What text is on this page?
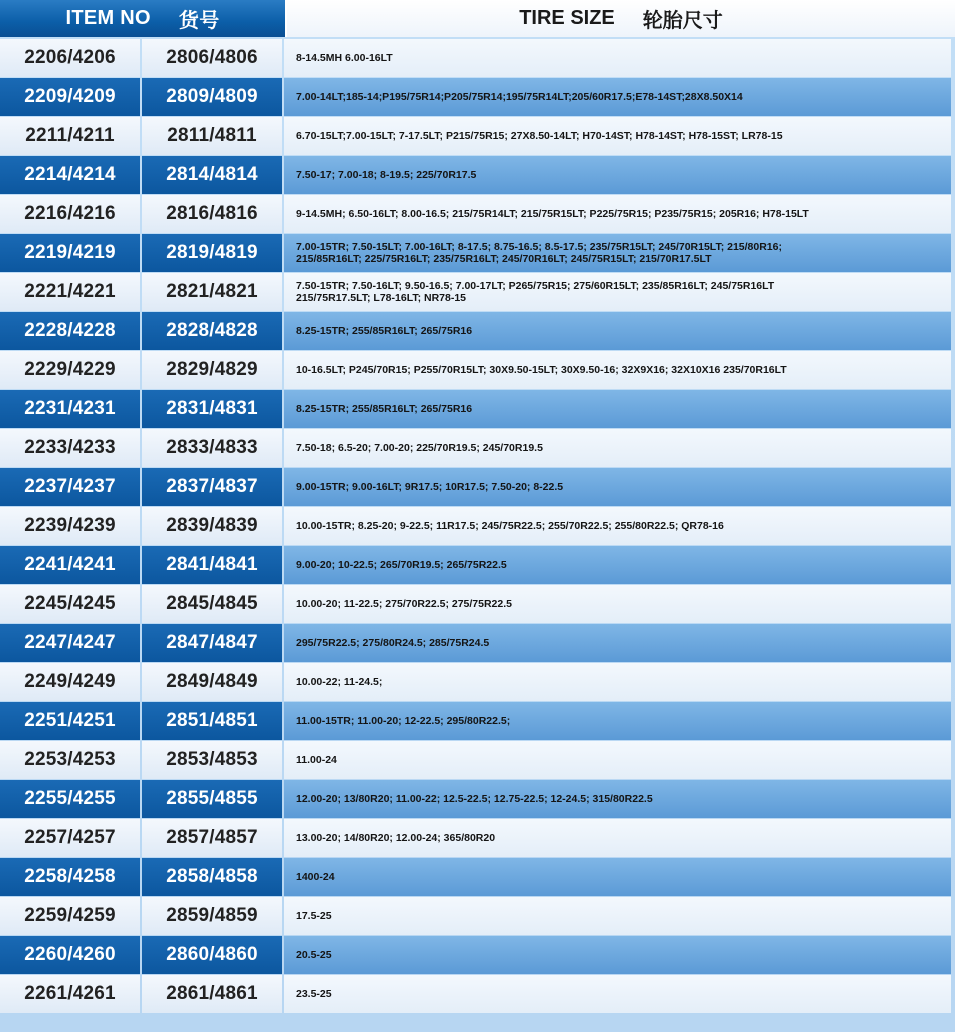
ITEM NO 货号	TIRE SIZE 轮胎尺寸
2206/4206	2806/4806	8-14.5MH 6.00-16LT
2209/4209	2809/4809	7.00-14LT;185-14;P195/75R14;P205/75R14;195/75R14LT;205/60R17.5;E78-14ST;28X8.50X14
2211/4211	2811/4811	6.70-15LT;7.00-15LT; 7-17.5LT; P215/75R15; 27X8.50-14LT; H70-14ST; H78-14ST; H78-15ST; LR78-15
2214/4214	2814/4814	7.50-17; 7.00-18; 8-19.5; 225/70R17.5
2216/4216	2816/4816	9-14.5MH; 6.50-16LT; 8.00-16.5; 215/75R14LT; 215/75R15LT; P225/75R15; P235/75R15; 205R16; H78-15LT
2219/4219	2819/4819	7.00-15TR; 7.50-15LT; 7.00-16LT; 8-17.5; 8.75-16.5; 8.5-17.5; 235/75R15LT; 245/70R15LT; 215/80R16;
215/85R16LT; 225/75R16LT; 235/75R16LT; 245/70R16LT; 245/75R15LT; 215/70R17.5LT
2221/4221	2821/4821	7.50-15TR; 7.50-16LT; 9.50-16.5; 7.00-17LT; P265/75R15; 275/60R15LT; 235/85R16LT; 245/75R16LT
215/75R17.5LT; L78-16LT; NR78-15
2228/4228	2828/4828	8.25-15TR; 255/85R16LT; 265/75R16
2229/4229	2829/4829	10-16.5LT; P245/70R15; P255/70R15LT; 30X9.50-15LT; 30X9.50-16; 32X9X16; 32X10X16 235/70R16LT
2231/4231	2831/4831	8.25-15TR; 255/85R16LT; 265/75R16
2233/4233	2833/4833	7.50-18; 6.5-20; 7.00-20; 225/70R19.5; 245/70R19.5
2237/4237	2837/4837	9.00-15TR; 9.00-16LT; 9R17.5; 10R17.5; 7.50-20; 8-22.5
2239/4239	2839/4839	10.00-15TR; 8.25-20; 9-22.5; 11R17.5; 245/75R22.5; 255/70R22.5; 255/80R22.5; QR78-16
2241/4241	2841/4841	9.00-20; 10-22.5; 265/70R19.5; 265/75R22.5
2245/4245	2845/4845	10.00-20; 11-22.5; 275/70R22.5; 275/75R22.5
2247/4247	2847/4847	295/75R22.5; 275/80R24.5; 285/75R24.5
2249/4249	2849/4849	10.00-22; 11-24.5;
2251/4251	2851/4851	11.00-15TR; 11.00-20; 12-22.5; 295/80R22.5;
2253/4253	2853/4853	11.00-24
2255/4255	2855/4855	12.00-20; 13/80R20; 11.00-22; 12.5-22.5; 12.75-22.5; 12-24.5; 315/80R22.5
2257/4257	2857/4857	13.00-20; 14/80R20; 12.00-24; 365/80R20
2258/4258	2858/4858	1400-24
2259/4259	2859/4859	17.5-25
2260/4260	2860/4860	20.5-25
2261/4261	2861/4861	23.5-25
